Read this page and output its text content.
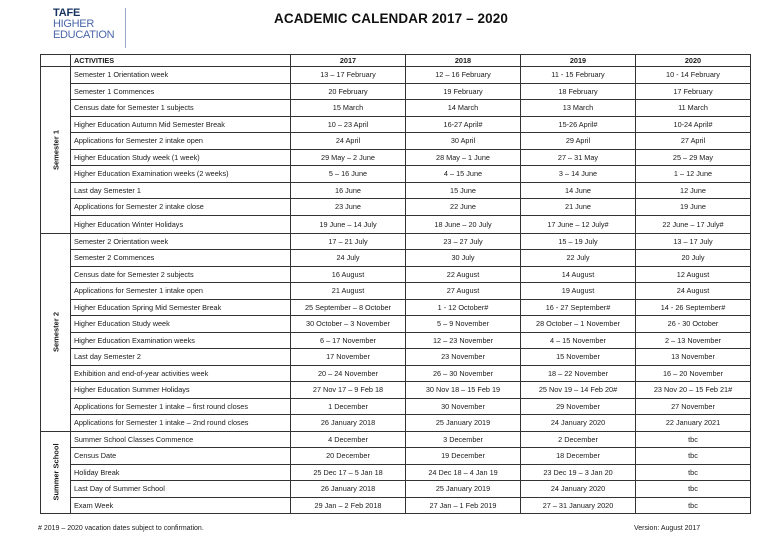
TAFE
HIGHER
EDUCATION
ACADEMIC CALENDAR 2017 – 2020
	ACTIVITIES	2017	2018	2019	2020

Semester 1	Semester 1 Orientation week	13 – 17 February	12 – 16 February	11 - 15 February	10 - 14 February
	Semester 1 Commences	20 February	19 February	18 February	17 February
	Census date for Semester 1 subjects	15 March	14 March	13 March	11 March
	Higher Education Autumn Mid Semester Break	10 – 23 April	16-27 April#	15-26 April#	10-24 April#
	Applications for Semester 2 intake open	24 April	30 April	29 April	27 April
	Higher Education Study week (1 week)	29 May – 2 June	28 May – 1 June	27 – 31 May	25 – 29 May
	Higher Education Examination weeks (2 weeks)	5 – 16 June	4 – 15 June	3 – 14 June	1 – 12 June
	Last day Semester 1	16 June	15 June	14 June	12 June
	Applications for Semester 2 intake close	23 June	22 June	21 June	19 June
	Higher Education Winter Holidays	19 June – 14 July	18 June – 20 July	17 June – 12 July#	22 June – 17 July#

Semester 2	Semester 2 Orientation week	17 – 21 July	23 – 27 July	15 – 19 July	13 – 17 July
	Semester 2 Commences	24 July	30 July	22 July	20 July
	Census date for Semester 2 subjects	16 August	22 August	14 August	12 August
	Applications for Semester 1 intake open	21 August	27 August	19 August	24 August
	Higher Education Spring Mid Semester Break	25 September – 8 October	1 - 12 October#	16 - 27 September#	14 - 26 September#
	Higher Education Study week	30 October – 3 November	5 – 9 November	28 October – 1 November	26 - 30 October
	Higher Education Examination weeks	6 – 17 November	12 – 23 November	4 – 15 November	2 – 13 November
	Last day Semester 2	17 November	23 November	15 November	13 November
	Exhibition and end-of-year activities week	20 – 24 November	26 – 30 November	18 – 22 November	16 – 20 November
	Higher Education Summer Holidays	27 Nov 17 – 9 Feb 18	30 Nov 18 – 15 Feb 19	25 Nov 19 – 14 Feb 20#	23 Nov 20 – 15 Feb 21#
	Applications for Semester 1 intake – first round closes	1 December	30 November	29 November	27 November
	Applications for Semester 1 intake – 2nd round closes	26 January 2018	25 January 2019	24 January 2020	22 January 2021

Summer School	Summer School Classes Commence	4 December	3 December	2 December	tbc
	Census Date	20 December	19 December	18 December	tbc
	Holiday Break	25 Dec 17 – 5 Jan 18	24 Dec 18 – 4 Jan 19	23 Dec 19 – 3 Jan 20	tbc
	Last Day of Summer School	26 January 2018	25 January 2019	24 January 2020	tbc
	Exam Week	29 Jan – 2 Feb 2018	27 Jan – 1 Feb 2019	27 – 31 January 2020	tbc
# 2019 – 2020 vacation dates subject to confirmation.	Version: August 2017
